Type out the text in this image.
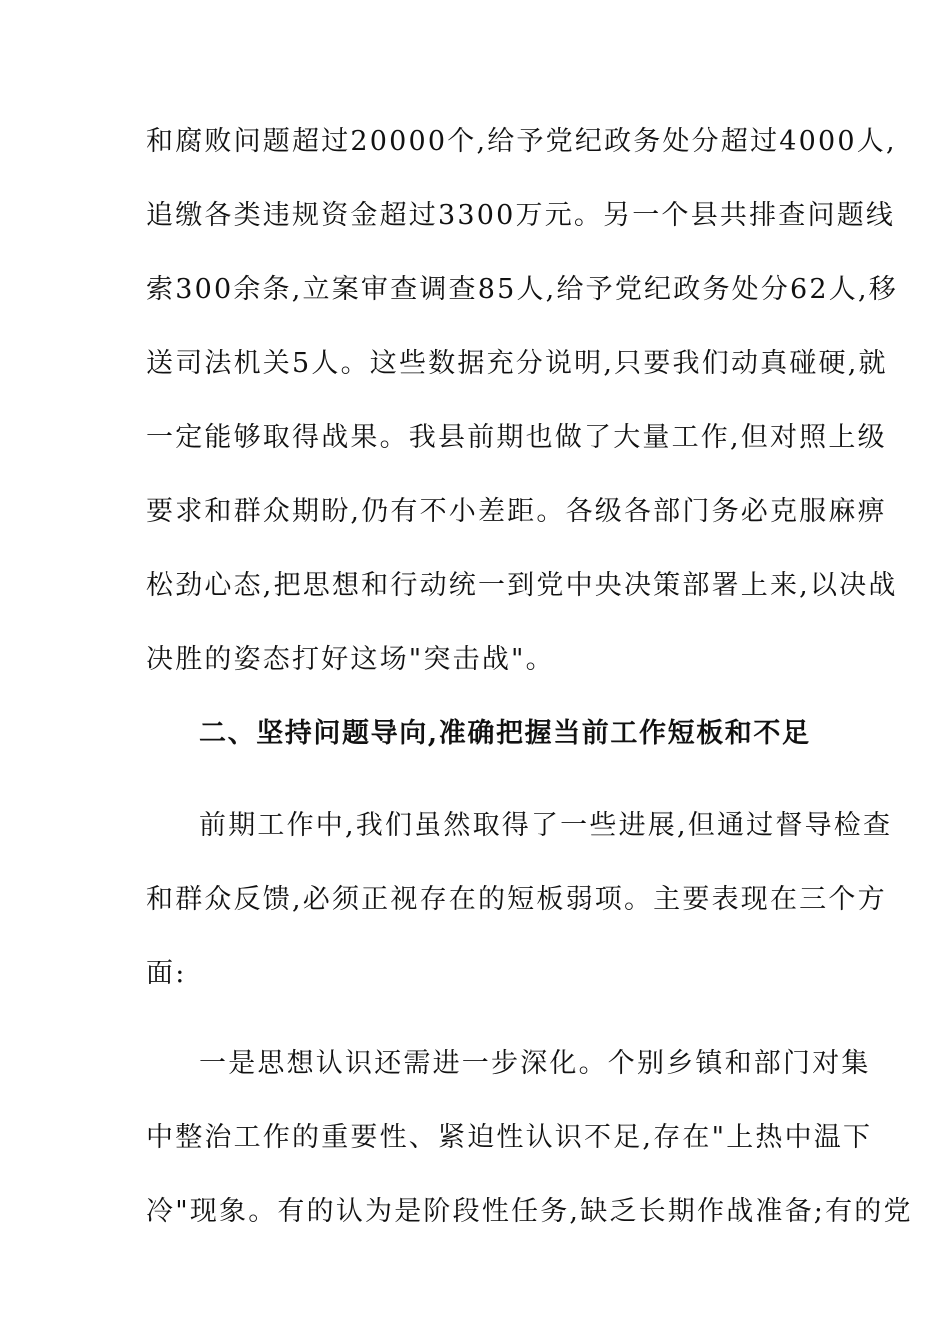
和腐败问题超过20000个,给予党纪政务处分超过4000人,
追缴各类违规资金超过3300万元。另一个县共排查问题线
索300余条,立案审查调查85人,给予党纪政务处分62人,移
送司法机关5人。这些数据充分说明,只要我们动真碰硬,就
一定能够取得战果。我县前期也做了大量工作,但对照上级
要求和群众期盼,仍有不小差距。各级各部门务必克服麻痹
松劲心态,把思想和行动统一到党中央决策部署上来,以决战
决胜的姿态打好这场"突击战"。
二、坚持问题导向,准确把握当前工作短板和不足
前期工作中,我们虽然取得了一些进展,但通过督导检查
和群众反馈,必须正视存在的短板弱项。主要表现在三个方
面:
一是思想认识还需进一步深化。个别乡镇和部门对集
中整治工作的重要性、紧迫性认识不足,存在"上热中温下
冷"现象。有的认为是阶段性任务,缺乏长期作战准备;有的党
